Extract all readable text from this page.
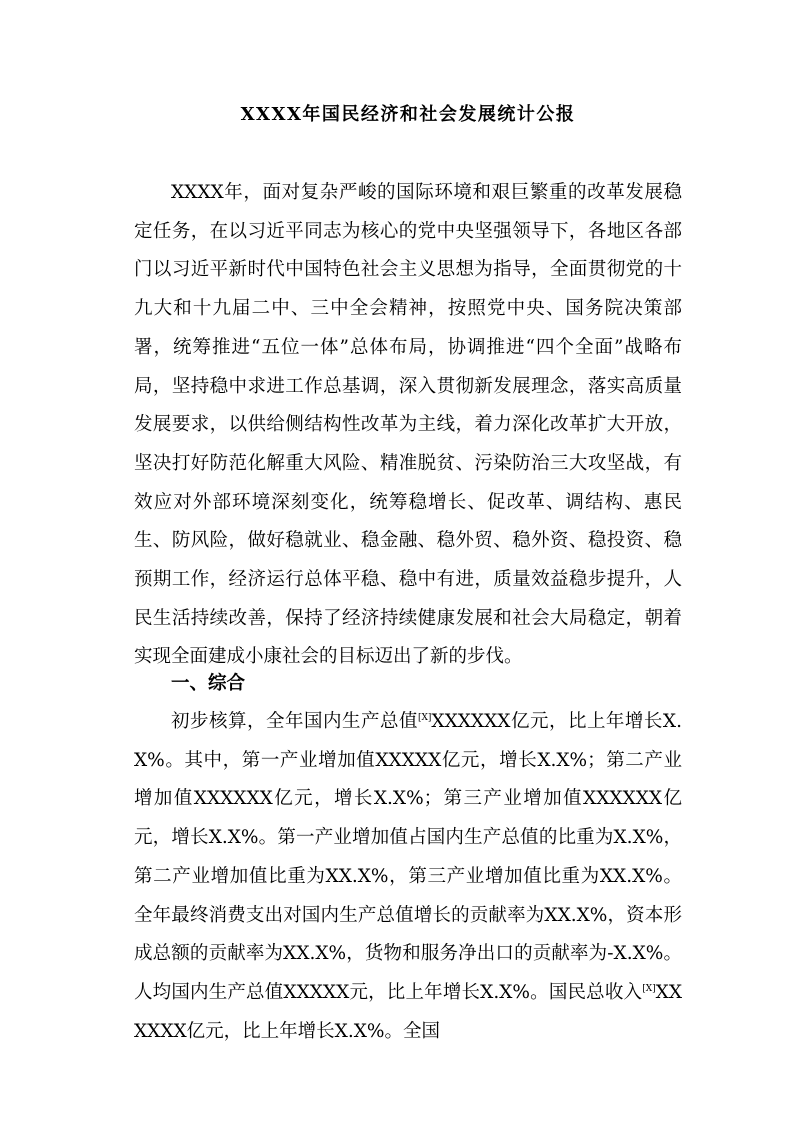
XXXX年国民经济和社会发展统计公报

XXXX年，面对复杂严峻的国际环境和艰巨繁重的改革发展稳定任务，在以习近平同志为核心的党中央坚强领导下，各地区各部门以习近平新时代中国特色社会主义思想为指导，全面贯彻党的十九大和十九届二中、三中全会精神，按照党中央、国务院决策部署，统筹推进“五位一体”总体布局，协调推进“四个全面”战略布局，坚持稳中求进工作总基调，深入贯彻新发展理念，落实高质量发展要求，以供给侧结构性改革为主线，着力深化改革扩大开放，坚决打好防范化解重大风险、精准脱贫、污染防治三大攻坚战，有效应对外部环境深刻变化，统筹稳增长、促改革、调结构、惠民生、防风险，做好稳就业、稳金融、稳外贸、稳外资、稳投资、稳预期工作，经济运行总体平稳、稳中有进，质量效益稳步提升，人民生活持续改善，保持了经济持续健康发展和社会大局稳定，朝着实现全面建成小康社会的目标迈出了新的步伐。

一、综合

初步核算，全年国内生产总值[X]XXXXXX亿元，比上年增长X.X%。其中，第一产业增加值XXXXX亿元，增长X.X%；第二产业增加值XXXXXX亿元，增长X.X%；第三产业增加值XXXXXX亿元，增长X.X%。第一产业增加值占国内生产总值的比重为X.X%，第二产业增加值比重为XX.X%，第三产业增加值比重为XX.X%。全年最终消费支出对国内生产总值增长的贡献率为XX.X%，资本形成总额的贡献率为XX.X%，货物和服务净出口的贡献率为-X.X%。人均国内生产总值XXXXX元，比上年增长X.X%。国民总收入[X]XXXXXX亿元，比上年增长X.X%。全国
